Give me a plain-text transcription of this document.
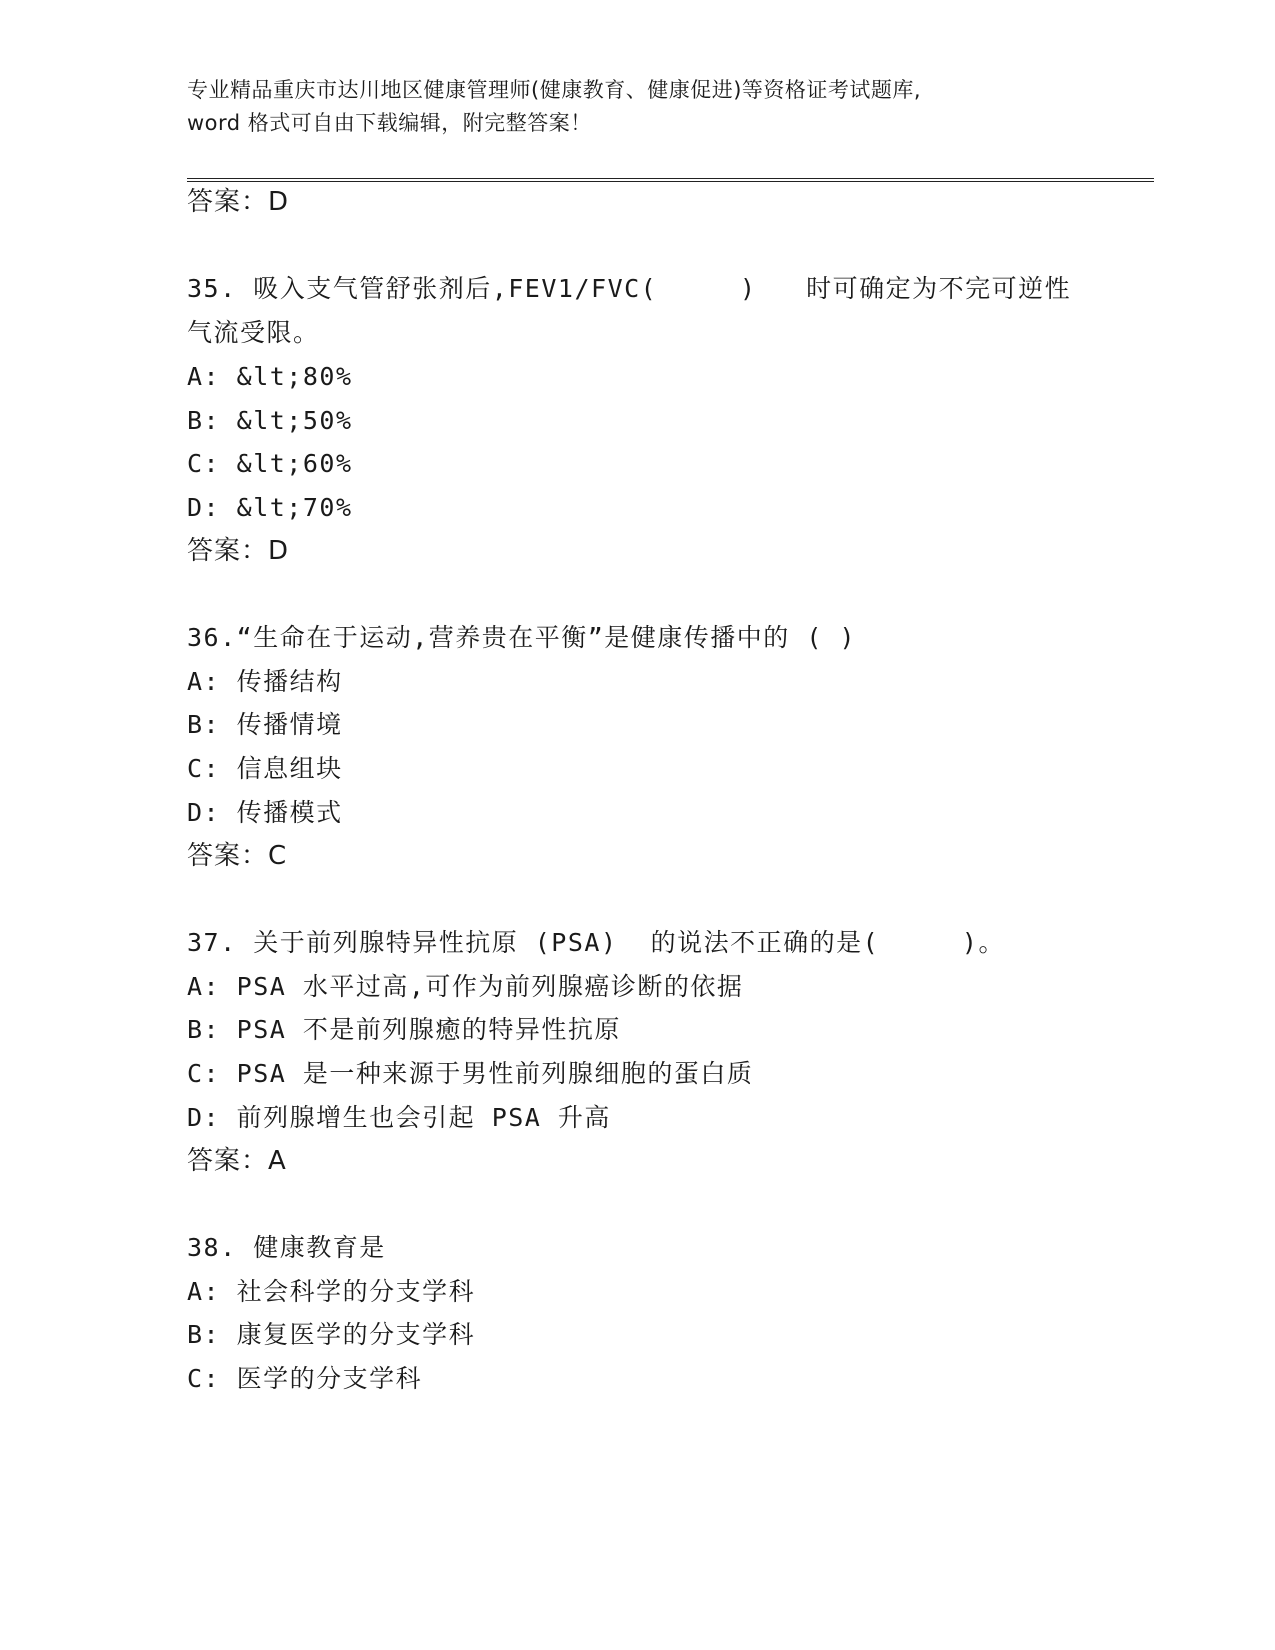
专业精品重庆市达川地区健康管理师(健康教育、健康促进)等资格证考试题库,
word 格式可自由下载编辑，附完整答案！
答案：D
35. 吸入支气管舒张剂后,FEV1/FVC(     )   时可确定为不完可逆性
气流受限。
A: &lt;80%
B: &lt;50%
C: &lt;60%
D: &lt;70%
答案：D
36.“生命在于运动,营养贵在平衡”是健康传播中的 ( )
A: 传播结构
B: 传播情境
C: 信息组块
D: 传播模式
答案：C
37. 关于前列腺特异性抗原 (PSA)  的说法不正确的是(     )。
A: PSA 水平过高,可作为前列腺癌诊断的依据
B: PSA 不是前列腺癒的特异性抗原
C: PSA 是一种来源于男性前列腺细胞的蛋白质
D: 前列腺增生也会引起 PSA 升高
答案：A
38. 健康教育是
A: 社会科学的分支学科
B: 康复医学的分支学科
C: 医学的分支学科
